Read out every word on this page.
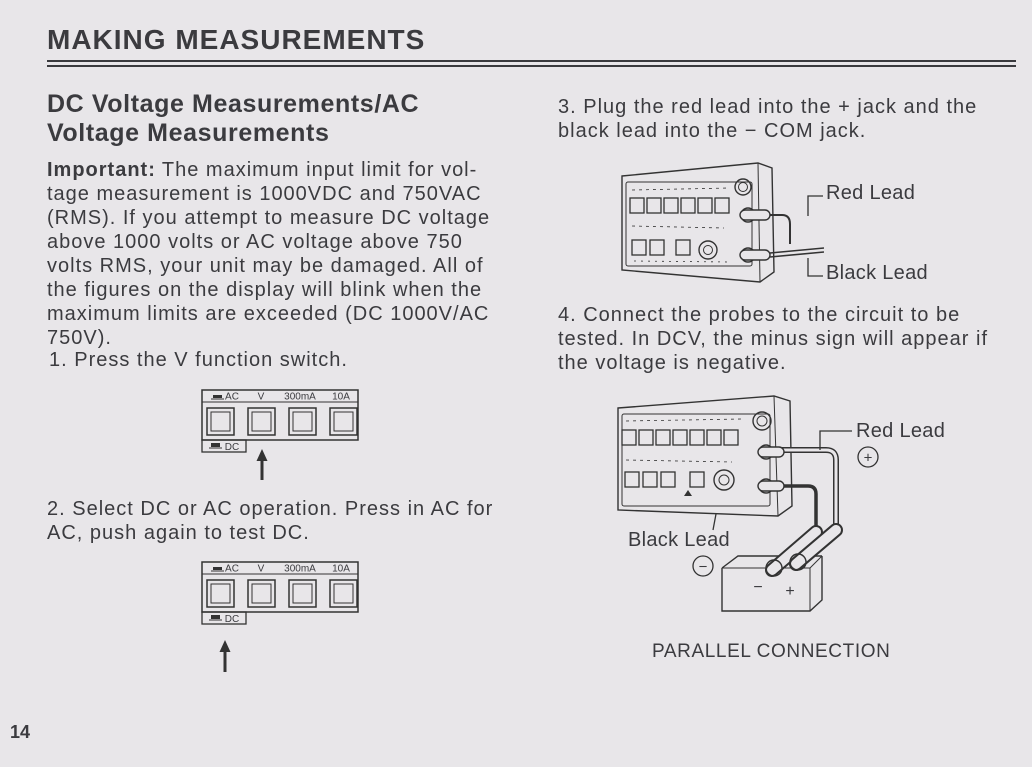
MAKING MEASUREMENTS
DC Voltage Measurements/AC
Voltage Measurements
Important: The maximum input limit for vol-
tage measurement is 1000VDC and 750VAC
(RMS). If you attempt to measure DC voltage
above 1000 volts or AC voltage above 750
volts RMS, your unit may be damaged. All of
the figures on the display will blink when the
maximum limits are exceeded (DC 1000V/AC
750V).
1. Press the V function switch.
AC V 300mA 10A
DC
2. Select DC or AC operation. Press in AC for
AC, push again to test DC.
AC V 300mA 10A
DC
14
3. Plug the red lead into the + jack and the
black lead into the − COM jack.
Red Lead
Black Lead
4. Connect the probes to the circuit to be
tested. In DCV, the minus sign will appear if
the voltage is negative.
− +
+
−
Red Lead
Black Lead
PARALLEL CONNECTION
